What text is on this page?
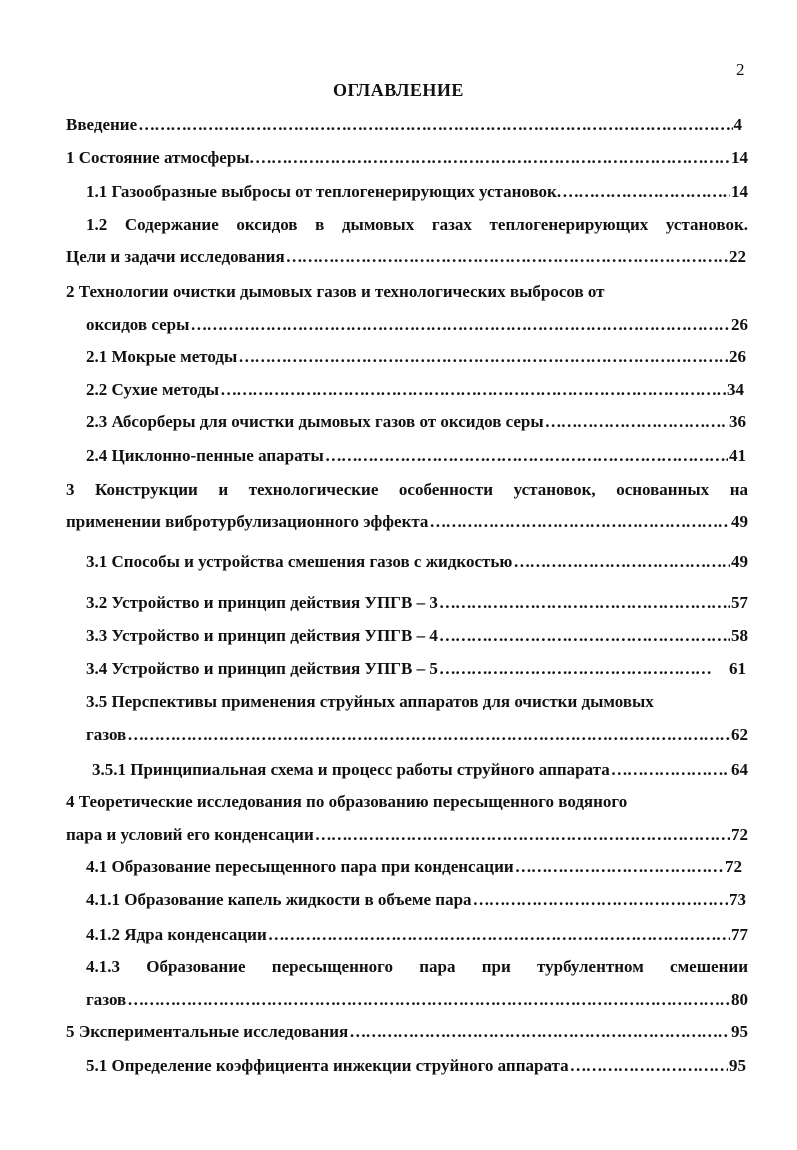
2
ОГЛАВЛЕНИЕ
Введение …………………………………………………………………………………………………………………………………………………………………………………………………………………………………	4
1 Состояние атмосферы. …………………………………………………………………………………………………………………………………………………………………………………………………………………………………	14
1.1 Газообразные выбросы от теплогенерирующих установок. …………………………………………………………………………………………………………………………………………………………………………………………………………………………………	14
1.2 Содержание оксидов в дымовых газах теплогенерирующих установок.
Цели и задачи исследования …………………………………………………………………………………………………………………………………………………………………………………………………………………………………	22
2 Технологии очистки дымовых газов и технологических выбросов от
оксидов серы …………………………………………………………………………………………………………………………………………………………………………………………………………………………………	26
2.1 Мокрые методы …………………………………………………………………………………………………………………………………………………………………………………………………………………………………	26
2.2 Сухие методы …………………………………………………………………………………………………………………………………………………………………………………………………………………………………	34
2.3 Абсорберы для очистки дымовых газов от оксидов серы …………………………………………………………………………………………………………………………………………………………………………………………………………………………………	36
2.4 Циклонно-пенные апараты …………………………………………………………………………………………………………………………………………………………………………………………………………………………………	41
3 Конструкции и технологические особенности установок, основанных на
применении вибротурбулизационного эффекта …………………………………………………………………………………………………………………………………………………………………………………………………………………………………	49
3.1 Способы и устройства смешения газов с жидкостью …………………………………………………………………………………………………………………………………………………………………………………………………………………………………	49
3.2 Устройство и принцип действия УПГВ – 3 …………………………………………………………………………………………………………………………………………………………………………………………………………………………………	57
3.3 Устройство и принцип действия УПГВ – 4 …………………………………………………………………………………………………………………………………………………………………………………………………………………………………	58
3.4 Устройство и принцип действия УПГВ – 5 …………………………………………………………………………………………………………………………………………………………………………………………………………………………………	61
3.5 Перспективы применения струйных аппаратов для очистки дымовых
газов …………………………………………………………………………………………………………………………………………………………………………………………………………………………………	62
3.5.1 Принципиальная схема и процесс работы струйного аппарата …………………………………………………………………………………………………………………………………………………………………………………………………………………………………	64
4 Теоретические исследования по образованию пересыщенного водяного
пара и условий его конденсации …………………………………………………………………………………………………………………………………………………………………………………………………………………………………	72
4.1 Образование пересыщенного пара при конденсации …………………………………………………………………………………………………………………………………………………………………………………………………………………………………	72
4.1.1 Образование капель жидкости в объеме пара …………………………………………………………………………………………………………………………………………………………………………………………………………………………………	73
4.1.2 Ядра конденсации …………………………………………………………………………………………………………………………………………………………………………………………………………………………………	77
4.1.3 Образование пересыщенного пара при турбулентном смешении
газов …………………………………………………………………………………………………………………………………………………………………………………………………………………………………	80
5 Экспериментальные исследования …………………………………………………………………………………………………………………………………………………………………………………………………………………………………	95
5.1 Определение коэффициента инжекции струйного аппарата …………………………………………………………………………………………………………………………………………………………………………………………………………………………………	95
